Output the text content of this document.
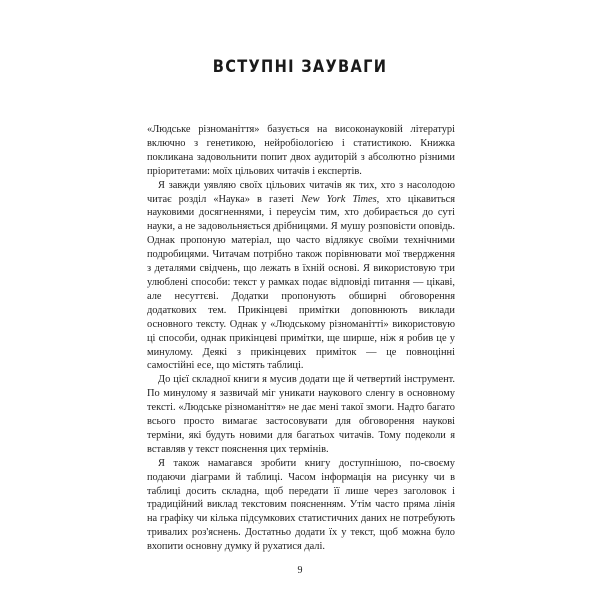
ВСТУПНІ ЗАУВАГИ

«Людське різноманіття» базується на високонауковій літературі включно з генетикою, нейробіологією і статистикою. Книжка покликана задовольнити попит двох аудиторій з абсолютно різними пріоритетами: моїх цільових читачів і експертів.

Я завжди уявляю своїх цільових читачів як тих, хто з насолодою читає розділ «Наука» в газеті New York Times, хто цікавиться науковими досягненнями, і переусім тим, хто добирається до суті науки, а не задовольняється дрібницями. Я мушу розповісти оповідь. Однак пропоную матеріал, що часто відлякує своїми технічними подробицями. Читачам потрібно також порівнювати мої твердження з деталями свідчень, що лежать в їхній основі. Я використовую три улюблені способи: текст у рамках подає відповіді питання — цікаві, але несуттєві. Додатки пропонують обширні обговорення додаткових тем. Прикінцеві примітки доповнюють виклади основного тексту. Однак у «Людському різноманітті» використовую ці способи, однак прикінцеві примітки, ще ширше, ніж я робив це у минулому. Деякі з прикінцевих приміток — це повноцінні самостійні есе, що містять таблиці.

До цієї складної книги я мусив додати ще й четвертий інструмент. По минулому я зазвичай міг уникати наукового сленгу в основному тексті. «Людське різноманіття» не дає мені такої змоги. Надто багато всього просто вимагає застосовувати для обговорення наукові терміни, які будуть новими для багатьох читачів. Тому подеколи я вставляв у текст пояснення цих термінів.

Я також намагався зробити книгу доступнішою, по-своєму подаючи діаграми й таблиці. Часом інформація на рисунку чи в таблиці досить складна, щоб передати її лише через заголовок і традиційний виклад текстовим поясненням. Утім часто пряма лінія на графіку чи кілька підсумкових статистичних даних не потребують тривалих роз'яснень. Достатньо додати їх у текст, щоб можна було вхопити основну думку й рухатися далі.

9
